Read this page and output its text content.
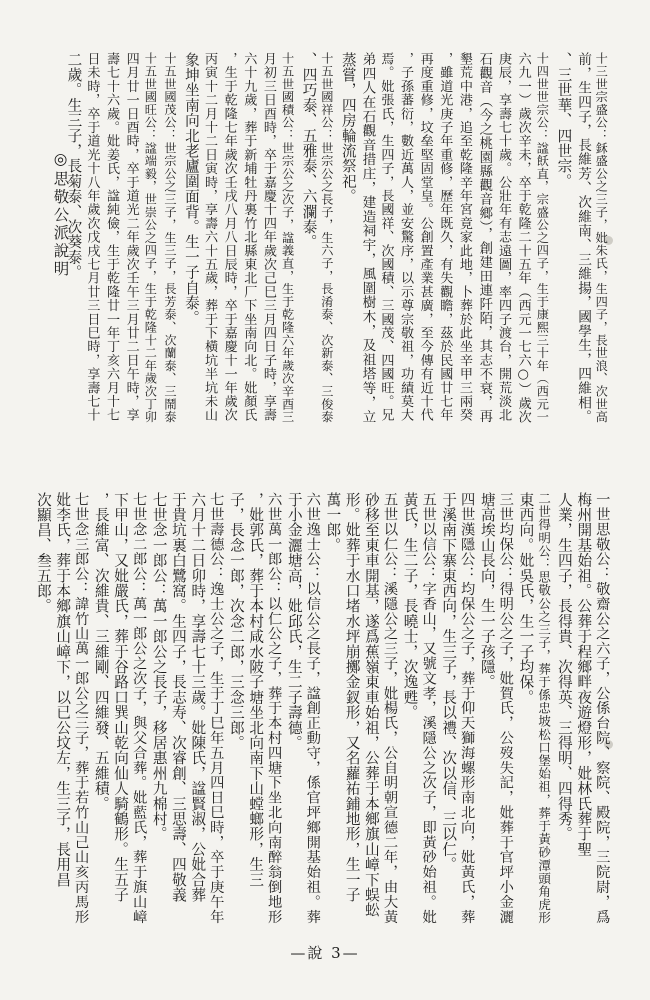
十三世宗盛公：鉌盛公之三子，妣朱氏，生四子，長世浪、次世高
前，生四子，長維芳、次維南、三維揚，國學生，四維相。
、三世華、四世宗。
十四世世宗公：諡飫直，宗盛公之四子，生于康熙三十年（西元一
六九一）歲次辛未，卒于乾隆二十五年（西元一七六○）歲次
庚辰，享壽七十歲。公壯年有志遠圖，率四子渡台，開荒淡北
石觀音（今之桃園縣觀音鄉），創建田連阡陌，其志不衰，再
墾荒中港，追至乾隆辛年宮竟家此地，卜葬於此坐辛甲三兩癸
，雖道光庚子年重修，歷年既久，有失觀瞻，茲於民國廿七年
再度重修，坟垒堅固堂皇。公創置產業甚廣，至今傳有近十代
，子孫蕃衍，數近萬人，並安驚序，以示尊宗敬祖，功績莫大
焉。妣張氏，生四子，長國祥、次國積、三國茂、四國旺。兄
弟四人在石觀音措庄，建造祠宇，風圍樹木，及祖塔等，立
蒸嘗，四房輪流祭祀。
十五世國祥公：世宗公之長子，生六子，長淆泰、次新泰、三俊泰
、四巧泰、五雅泰、六瀾泰。
十五世國積公：世宗公之次子，諡義直，生于乾隆六年歲次辛酉三
月初三日酉時，卒于嘉慶十四年歲次己巳三月四日子時，享壽
六十九歲，葬于新埔牡丹裏竹北縣東北厂下坐南向北。妣顏氏
，生于乾隆七年歲次壬戌八月八日辰時，卒于嘉慶十一年歲次
丙寅十二月十二日寅時，享壽六十五歲，葬于下橫坑半坑未山
象坤坐南向北老廬圍面背。生一子自泰。
十五世國茂公：世宗公之三子，生三子，長芳泰、次蘭泰、三鬧泰
十五世國旺公：諡端毅，世崇公之四子，生于乾隆十二年歲次丁卯
四月廿一日酉時，卒于道光二年歲次壬午三月廿二日午時，享
壽七十六歲。妣姜氏，諡純儉，生于乾隆廿一年丁亥六月十七
日未時，卒于道光十八年歲次戊戌七月廿三日巳時，享壽七十
二歲。生三子，長菊泰、次葵泰。
◎思敬公派說明
一世思敬公：敬齋公之六子，公係台院、察院、殿院，三院尉，爲
梅州開基始祖。公葬于程鄉畔夜遊燈形，妣林氏葬于聖
人業，生四子，長得貴、次得英、三得明、四得秀。
二世得明公：思敬公之三子，葬于係忠坡松口堡始祖，葬于黃砂潭頭角虎形
東西向。妣吳氏，生一子均保。
三世均保公：得明公之子，妣賀氏，公歿失記，妣葬于官坪小金灑
塘高埃山長向，生一子孩隱。
四世漢隱公：均保公之子，葬于仰天獅海螺形南北向，妣黃氏，葬
于溪南下寨東西向，生三子，長以禮、次以信、三以仁。
五世以信公：字香山，又號文孝，溪隱公之次子，即黃砂始祖。妣
黃氏，生二子，長曉士，次逸甦。
五世以仁公：溪隱公之三子，妣楊氏，公自明朝宣德二年，由大黃
砂移至東車開基，遂爲蕉嶺東車始祖，公葬于本鄉旗山嶂下蜈蚣
形。妣葬于水口堵水坪崩擲金釵形，又名蘿祐鋪地形，生一子
萬一郎。
六世逸士公：以信公之長子，諡創正動守，係官坪鄉開基始祖。葬
于小金灑塘高，妣邱氏，生二子壽德。
六世萬一郎公：以仁公之子，葬于本村四塘下坐北向南醉翁倒地形
，妣郭氏，葬于本村咸水陂子塘坐北向南下山螳螂形，生三
子，長念一郎，次念二郎，三念三郎。
七世壽德公：逸士公之子，生于丁巳年五月四日巳時，卒于庚午年
六月十二日卯時，享壽七十三歲。妣陳氏，諡賢淑，公妣合葬
于貴坑裏白鷺窩。生四子，長志寿、次睿創、三思壽、四敬義
七世念一郎公：萬一郎公之長子，移居惠州九棉村。
七世念二郎公：萬一郎公之次子，與父合葬。妣藍氏，葬于旗山嶂
下甲山，又妣嚴氏，葬于谷路口巽山乾向仙人騎鶴形。生五子
，長維富、次維貴、三維剛、四維發、五維積。
七世念三郎公：諱竹山萬一郎公之三子，葬于若竹山己山亥丙馬形
妣李氏，葬于本鄉旗山嶂下，以已公坟左，生三子，長用昌
次顯昌、叁五郎。
—說 3—
